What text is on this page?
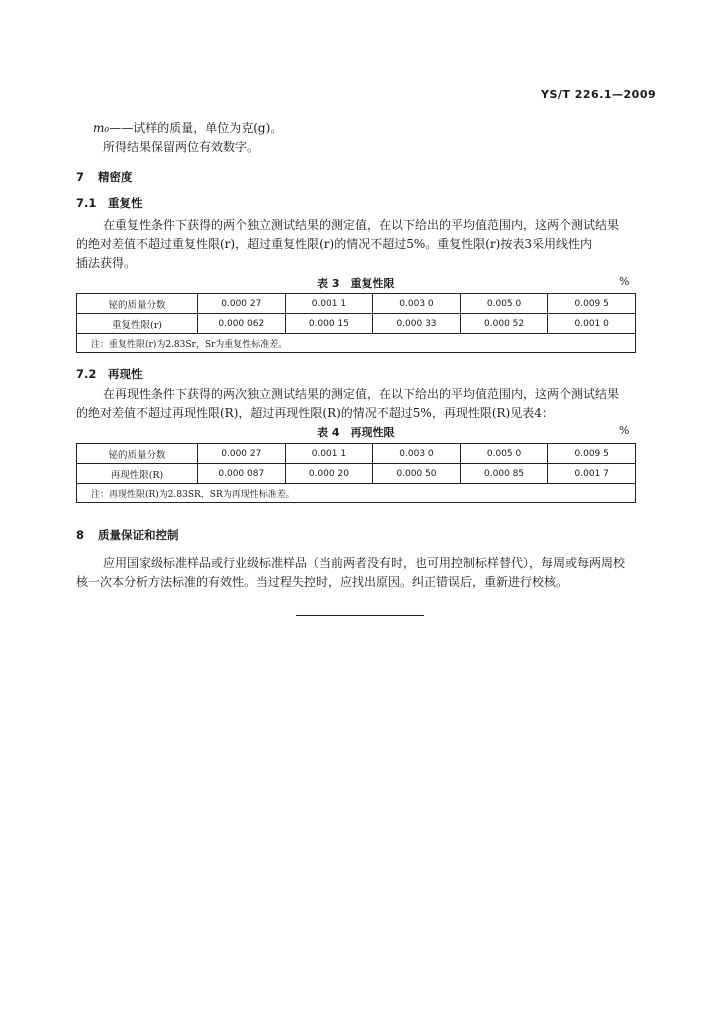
YS/T 226.1—2009
m₀——试样的质量，单位为克(g)。
所得结果保留两位有效数字。
7 精密度
7.1 重复性
在重复性条件下获得的两个独立测试结果的测定值，在以下给出的平均值范围内，这两个测试结果
的绝对差值不超过重复性限(r)，超过重复性限(r)的情况不超过5%。重复性限(r)按表3采用线性内
插法获得。
表 3　重复性限	%
铋的质量分数	0.000 27	0.001 1	0.003 0	0.005 0	0.009 5
重复性限(r)	0.000 062	0.000 15	0.000 33	0.000 52	0.001 0
注：重复性限(r)为2.83Sr，Sr为重复性标准差。					
7.2 再现性
在再现性条件下获得的两次独立测试结果的测定值，在以下给出的平均值范围内，这两个测试结果
的绝对差值不超过再现性限(R)，超过再现性限(R)的情况不超过5%，再现性限(R)见表4：
表 4　再现性限	%
铋的质量分数	0.000 27	0.001 1	0.003 0	0.005 0	0.009 5
再现性限(R)	0.000 087	0.000 20	0.000 50	0.000 85	0.001 7
注：再现性限(R)为2.83SR，SR为再现性标准差。					
8 质量保证和控制
应用国家级标准样品或行业级标准样品（当前两者没有时，也可用控制标样替代），每周或每两周校
核一次本分析方法标准的有效性。当过程失控时，应找出原因。纠正错误后，重新进行校核。
